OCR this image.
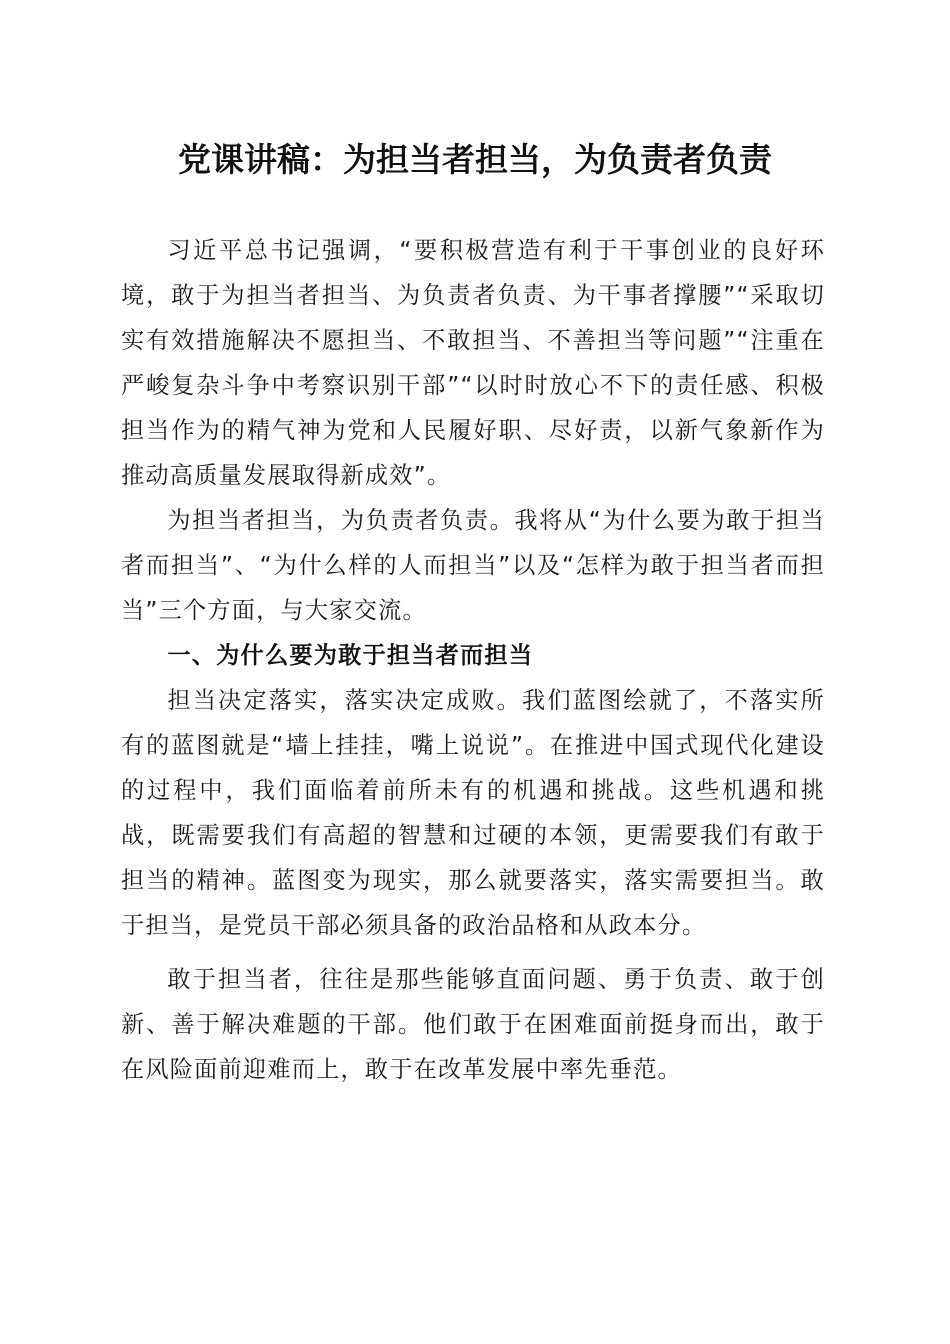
党课讲稿：为担当者担当，为负责者负责

习近平总书记强调，“要积极营造有利于干事创业的良好环境，敢于为担当者担当、为负责者负责、为干事者撑腰”“采取切实有效措施解决不愿担当、不敢担当、不善担当等问题”“注重在严峻复杂斗争中考察识别干部”“以时时放心不下的责任感、积极担当作为的精气神为党和人民履好职、尽好责，以新气象新作为推动高质量发展取得新成效”。

为担当者担当，为负责者负责。我将从“为什么要为敢于担当者而担当”、“为什么样的人而担当”以及“怎样为敢于担当者而担当”三个方面，与大家交流。

一、为什么要为敢于担当者而担当

担当决定落实，落实决定成败。我们蓝图绘就了，不落实所有的蓝图就是“墙上挂挂，嘴上说说”。在推进中国式现代化建设的过程中，我们面临着前所未有的机遇和挑战。这些机遇和挑战，既需要我们有高超的智慧和过硬的本领，更需要我们有敢于担当的精神。蓝图变为现实，那么就要落实，落实需要担当。敢于担当，是党员干部必须具备的政治品格和从政本分。

敢于担当者，往往是那些能够直面问题、勇于负责、敢于创新、善于解决难题的干部。他们敢于在困难面前挺身而出，敢于在风险面前迎难而上，敢于在改革发展中率先垂范。
